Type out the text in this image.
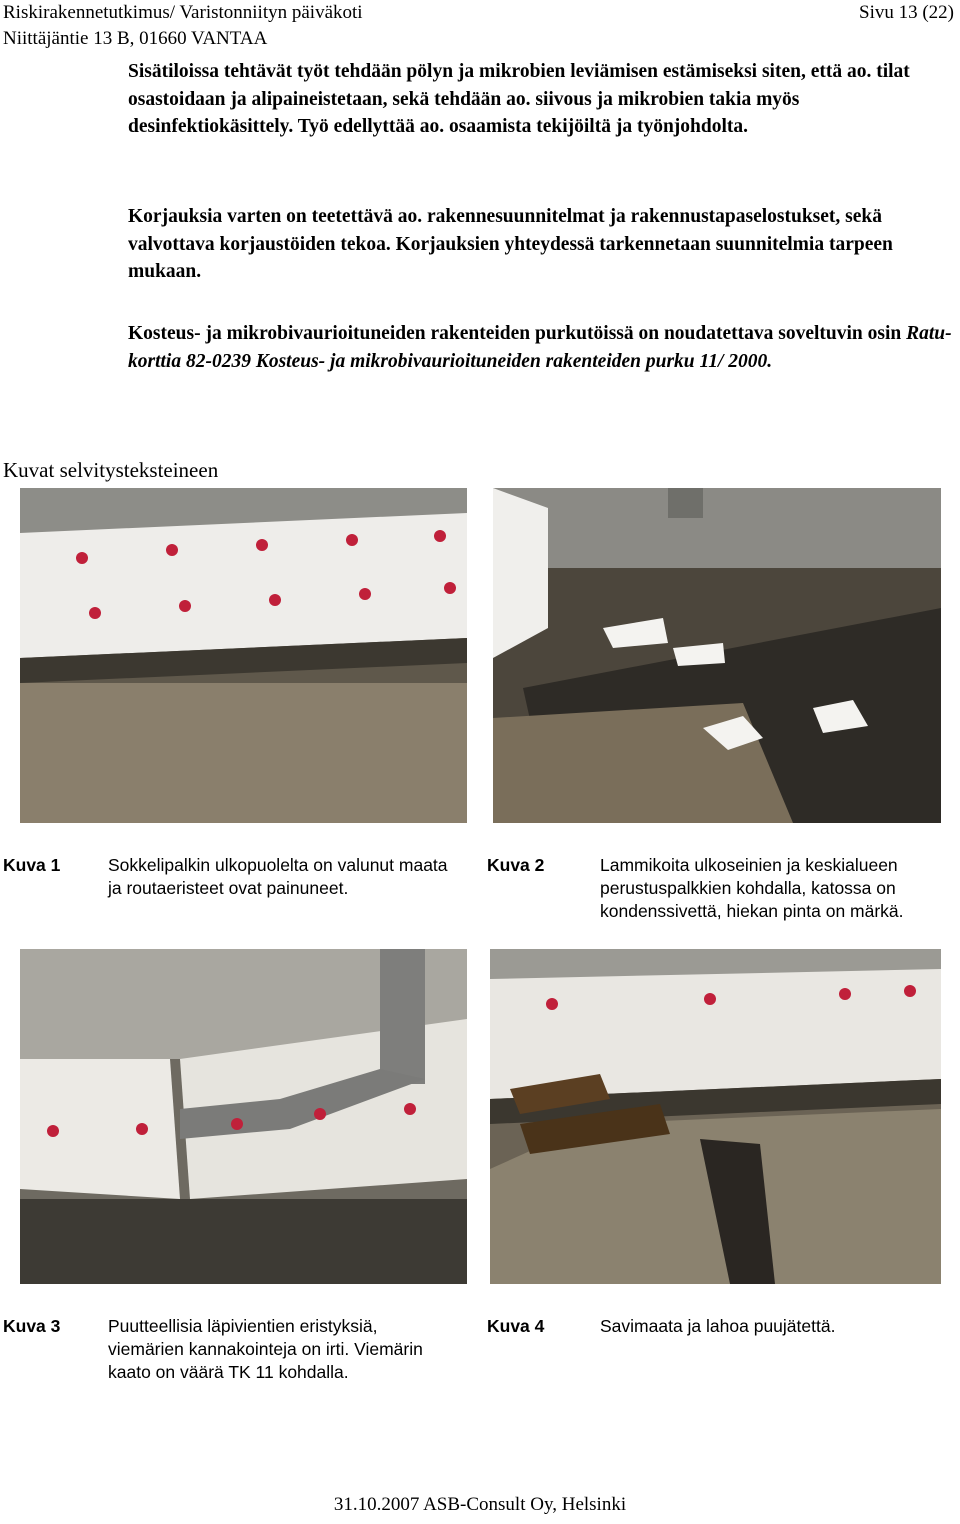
Riskirakennetutkimus/ Varistonniityn päiväkoti
Niittäjäntie 13 B, 01660 VANTAA
Sivu 13 (22)

Sisätiloissa tehtävät työt tehdään pölyn ja mikrobien leviämisen estämiseksi siten, että ao. tilat osastoidaan ja alipaineistetaan, sekä tehdään ao. siivous ja mikrobien takia myös desinfektiokäsittely. Työ edellyttää ao. osaamista tekijöiltä ja työnjohdolta.

Korjauksia varten on teetettävä ao. rakennesuunnitelmat ja rakennustapaselostukset, sekä valvottava korjaustöiden tekoa. Korjauksien yhteydessä tarkennetaan suunnitelmia tarpeen mukaan.

Kosteus- ja mikrobivaurioituneiden rakenteiden purkutöissä on noudatettava soveltuvin osin Ratu-korttia 82-0239 Kosteus- ja mikrobivaurioituneiden rakenteiden purku 11/ 2000.

Kuvat selvitysteksteineen
Kuva 1	Sokkelipalkin ulkopuolelta on valunut maata ja routaeristeet ovat painuneet.
Kuva 2	Lammikoita ulkoseinien ja keskialueen perustuspalkkien kohdalla, katossa on kondenssivettä, hiekan pinta on märkä.
Kuva 3	Puutteellisia läpivientien eristyksiä, viemärien kannakointeja on irti. Viemärin kaato on väärä TK 11 kohdalla.
Kuva 4	Savimaata ja lahoa puujätettä.
31.10.2007 ASB-Consult Oy, Helsinki
